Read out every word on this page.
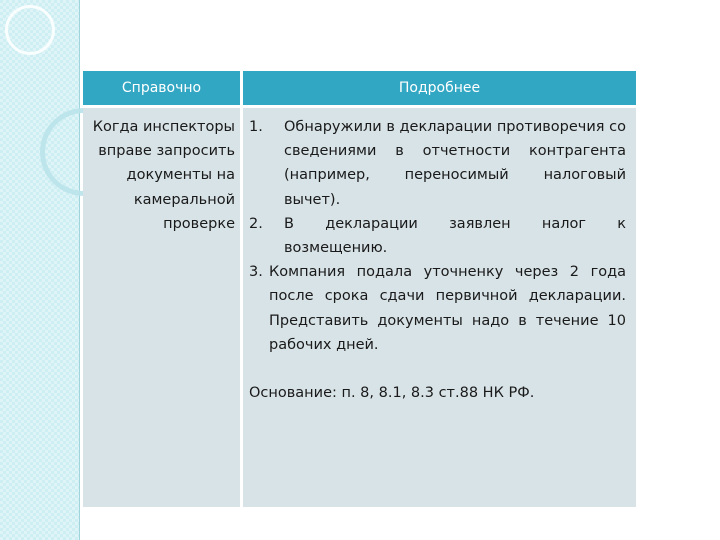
Справочно	Подробнее
Когда инспекторы вправе запросить документы на камеральной проверке
1. Обнаружили в декларации противоречия со сведениями в отчетности контрагента (например, переносимый налоговый вычет).
2. В декларации заявлен налог к возмещению.
3. Компания подала уточненку через 2 года после срока сдачи первичной декларации. Представить документы надо в течение 10 рабочих дней.
Основание: п. 8, 8.1, 8.3 ст.88 НК РФ.
